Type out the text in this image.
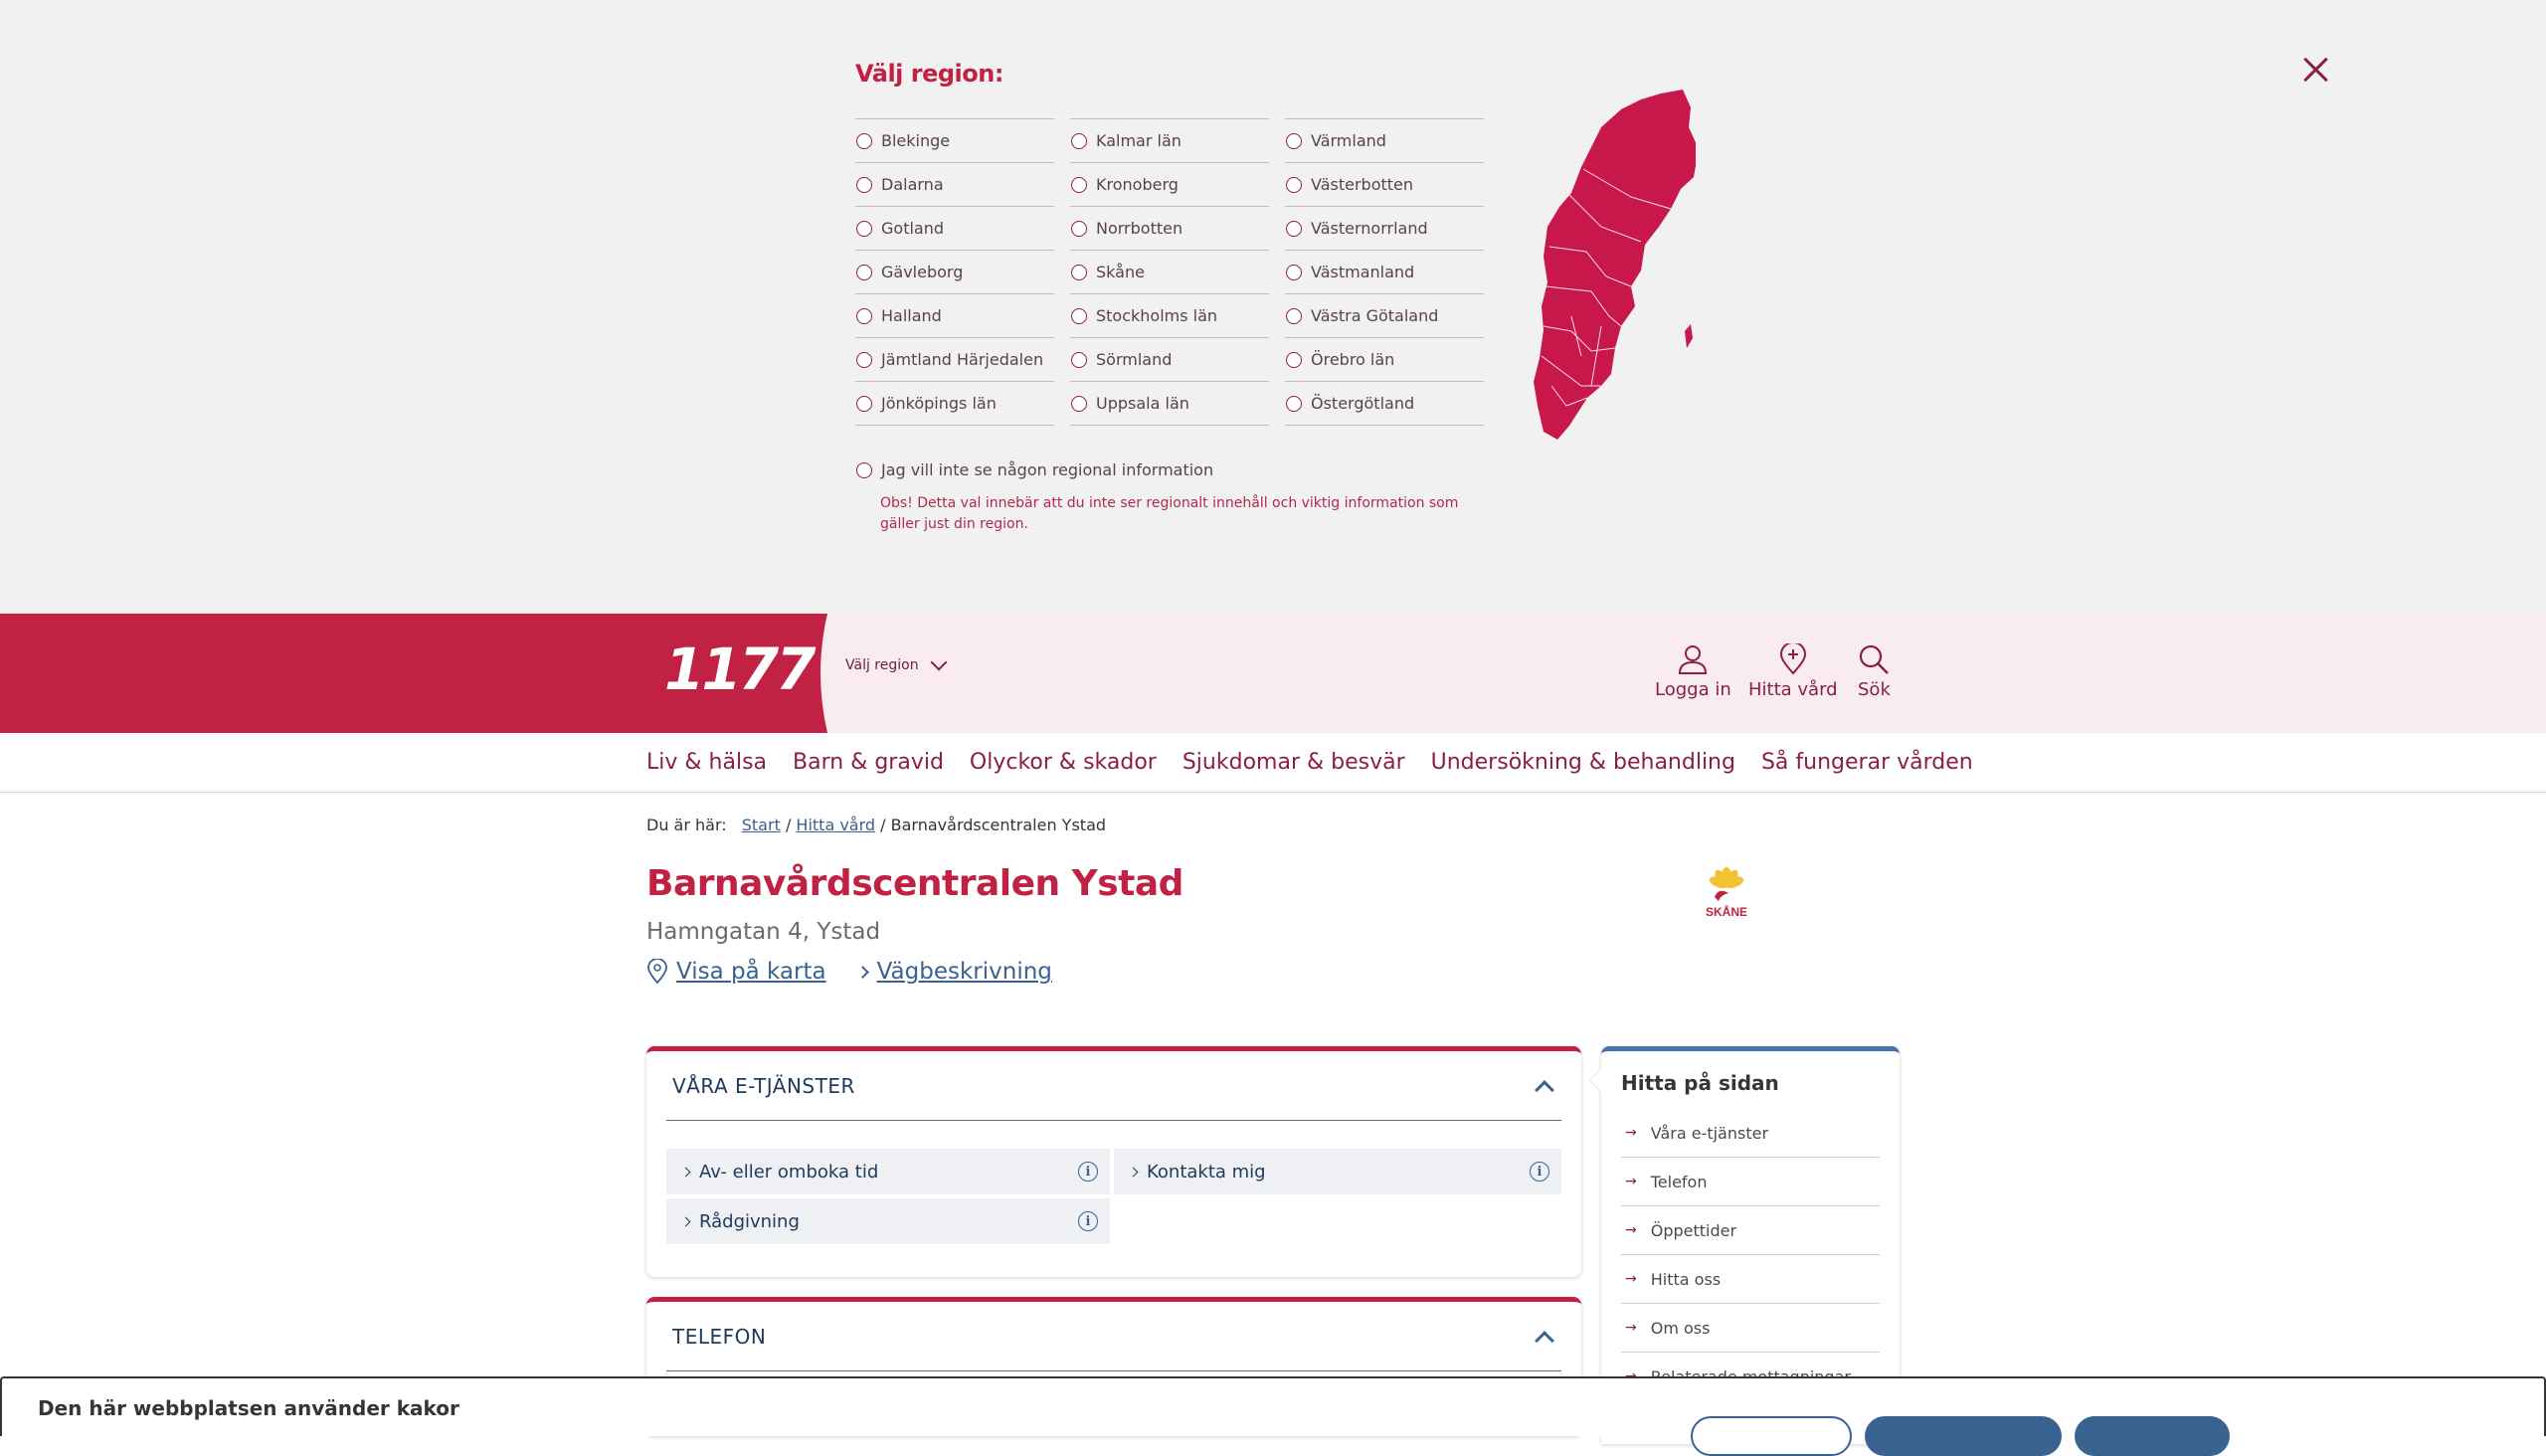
Välj region:
Blekinge
Dalarna
Gotland
Gävleborg
Halland
Jämtland Härjedalen
Jönköpings län
Kalmar län
Kronoberg
Norrbotten
Skåne
Stockholms län
Sörmland
Uppsala län
Värmland
Västerbotten
Västernorrland
Västmanland
Västra Götaland
Örebro län
Östergötland
Jag vill inte se någon regional information
Obs! Detta val innebär att du inte ser regionalt innehåll och viktig information som gäller just din region.
1177 Välj region
Logga in Hitta vård Sök
Liv & hälsa Barn & gravid Olyckor & skador Sjukdomar & besvär Undersökning & behandling Så fungerar vården
Du är här: Start / Hitta vård / Barnavårdscentralen Ystad
Barnavårdscentralen Ystad
Hamngatan 4, Ystad
Visa på karta Vägbeskrivning
SKÅNE
VÅRA E-TJÄNSTER
Av- eller omboka tid	i	Kontakta mig	i
Rådgivning	i
TELEFON
Hitta på sidan
→ Våra e-tjänster
→ Telefon
→ Öppettider
→ Hitta oss
→ Om oss
Den här webbplatsen använder kakor
